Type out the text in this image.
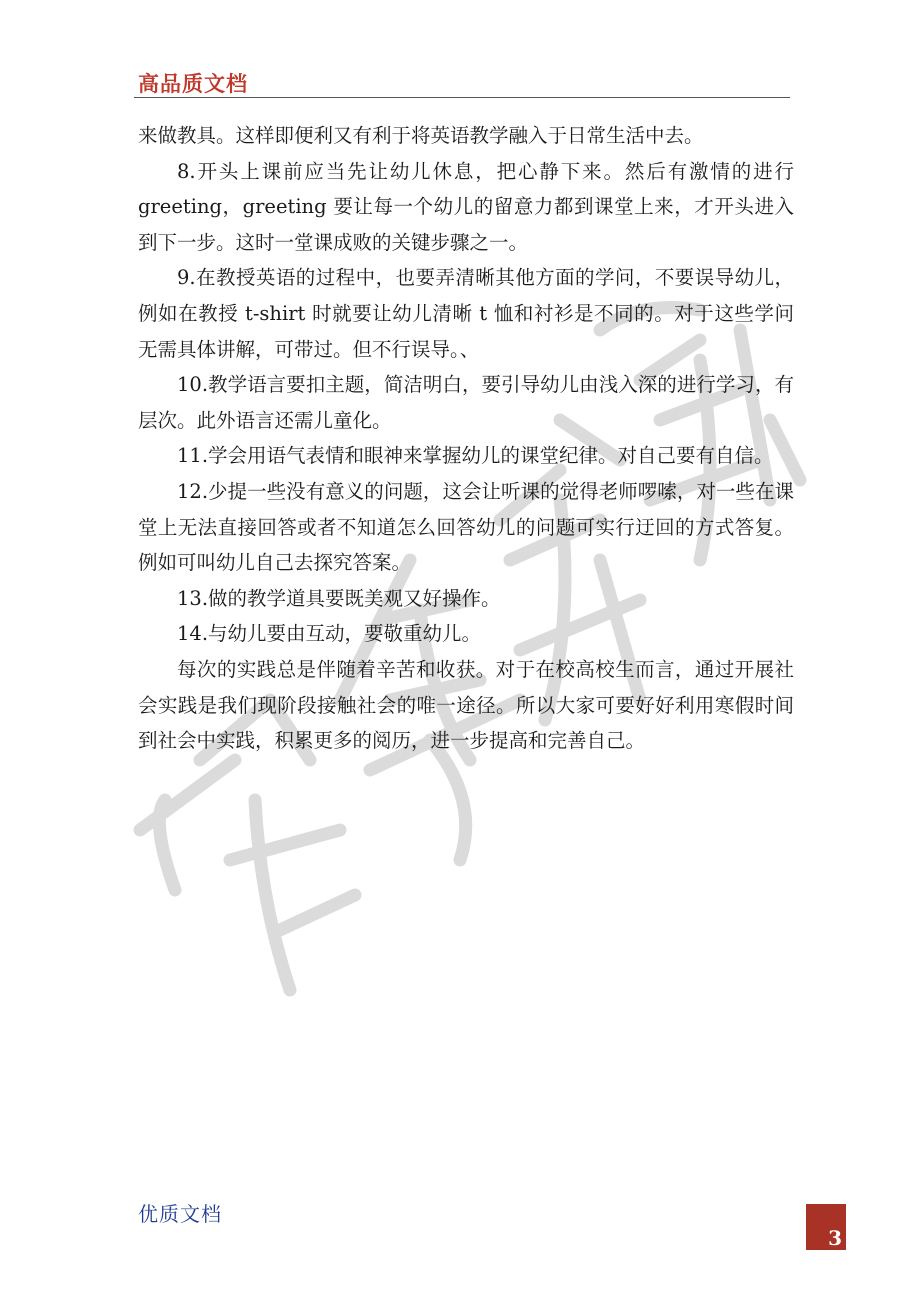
高品质文档

来做教具。这样即便利又有利于将英语教学融入于日常生活中去。

8.开头上课前应当先让幼儿休息，把心静下来。然后有激情的进行 greeting，greeting 要让每一个幼儿的留意力都到课堂上来，才开头进入到下一步。这时一堂课成败的关键步骤之一。

9.在教授英语的过程中，也要弄清晰其他方面的学问，不要误导幼儿，例如在教授 t-shirt 时就要让幼儿清晰 t 恤和衬衫是不同的。对于这些学问无需具体讲解，可带过。但不行误导。、

10.教学语言要扣主题，简洁明白，要引导幼儿由浅入深的进行学习，有层次。此外语言还需儿童化。

11.学会用语气表情和眼神来掌握幼儿的课堂纪律。对自己要有自信。

12.少提一些没有意义的问题，这会让听课的觉得老师啰嗦，对一些在课堂上无法直接回答或者不知道怎么回答幼儿的问题可实行迂回的方式答复。例如可叫幼儿自己去探究答案。

13.做的教学道具要既美观又好操作。

14.与幼儿要由互动，要敬重幼儿。

每次的实践总是伴随着辛苦和收获。对于在校高校生而言，通过开展社会实践是我们现阶段接触社会的唯一途径。所以大家可要好好利用寒假时间到社会中实践，积累更多的阅历，进一步提高和完善自己。

优质文档
3
